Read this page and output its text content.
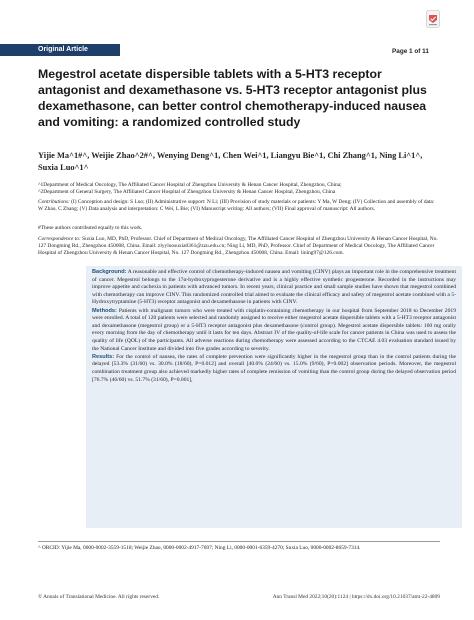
Original Article	Page 1 of 11
Megestrol acetate dispersible tablets with a 5-HT3 receptor antagonist and dexamethasone vs. 5-HT3 receptor antagonist plus dexamethasone, can better control chemotherapy-induced nausea and vomiting: a randomized controlled study
Yijie Ma^1#^, Weijie Zhao^2#^, Wenying Deng^1, Chen Wei^1, Liangyu Bie^1, Chi Zhang^1, Ning Li^1^, Suxia Luo^1^
^1Department of Medical Oncology, The Affiliated Cancer Hospital of Zhengzhou University & Henan Cancer Hospital, Zhengzhou, China;
^2Department of General Surgery, The Affiliated Cancer Hospital of Zhengzhou University & Henan Cancer Hospital, Zhengzhou, China
Contributions: (I) Conception and design: S Luo; (II) Administrative support: N Li; (III) Provision of study materials or patients: Y Ma, W Deng; (IV) Collection and assembly of data: W Zhao, C Zhang; (V) Data analysis and interpretation: C Wei, L Bie; (VI) Manuscript writing: All authors; (VII) Final approval of manuscript: All authors.
#These authors contributed equally to this work.
Correspondence to: Suxia Luo, MD, PhD, Professor. Chief of Department of Medical Oncology, The Affiliated Cancer Hospital of Zhengzhou University & Henan Cancer Hospital, No. 127 Dongming Rd., Zhengzhou 450008, China. Email: zlyyluosuxia0361@zzu.edu.cn; Ning Li, MD, PhD, Professor. Chief of Department of Medical Oncology, The Affiliated Cancer Hospital of Zhengzhou University & Henan Cancer Hospital, No. 127 Dongming Rd., Zhengzhou 450008, China. Email: lining97@126.com.

Background: A reasonable and effective control of chemotherapy-induced nausea and vomiting (CINV) plays an important role in the comprehensive treatment of cancer. Megestrol belongs to the 17α-hydroxyprogesterone derivative and is a highly effective synthetic progesterone. Recorded in the instructions may improve appetite and cachexia in patients with advanced tumors. In recent years, clinical practice and small sample studies have shown that megestrol combined with chemotherapy can improve CINV. This randomized controlled trial aimed to evaluate the clinical efficacy and safety of megestrol acetate combined with a 5-Hydroxytryptamine (5-HT3) receptor antagonist and dexamethasone in patients with CINV.

Methods: Patients with malignant tumors who were treated with cisplatin-containing chemotherapy in our hospital from September 2018 to December 2019 were enrolled. A total of 120 patients were selected and randomly assigned to receive either megestrol acetate dispersible tablets with a 5-HT3 receptor antagonist and dexamethasone (megestrol group) or a 5-HT3 receptor antagonist plus dexamethasone (control group). Megestrol acetate dispersible tablets: 160 mg orally every morning from the day of chemotherapy until it lasts for ten days. Abstract IV of the quality-of-life scale for cancer patients in China was used to assess the quality of life (QOL) of the participants. All adverse reactions during chemotherapy were assessed according to the CTCAE 4.03 evaluation standard issued by the National Cancer Institute and divided into five grades according to severity.

Results: For the control of nausea, the rates of complete prevention were significantly higher in the megestrol group than in the control patients during the delayed [53.3% (31/60) vs. 30.0% (18/60), P=0.012] and overall [40.0% (24/60) vs. 15.0% (9/60), P=0.002] observation periods. Moreover, the megestrol combination treatment group also achieved markedly higher rates of complete remission of vomiting than the control group during the delayed observation period [76.7% (46/60) vs. 51.7% (31/60), P=0.001],

^ ORCID: Yijie Ma, 0000-0002-3559-1518; Weijie Zhao, 0000-0002-4917-7697; Ning Li, 0000-0001-6359-4270; Suxia Luo, 0000-0002-8659-7314.
© Annals of Translational Medicine. All rights reserved.	Ann Transl Med 2022;10(20):1124 | https://dx.doi.org/10.21037/atm-22-4809
